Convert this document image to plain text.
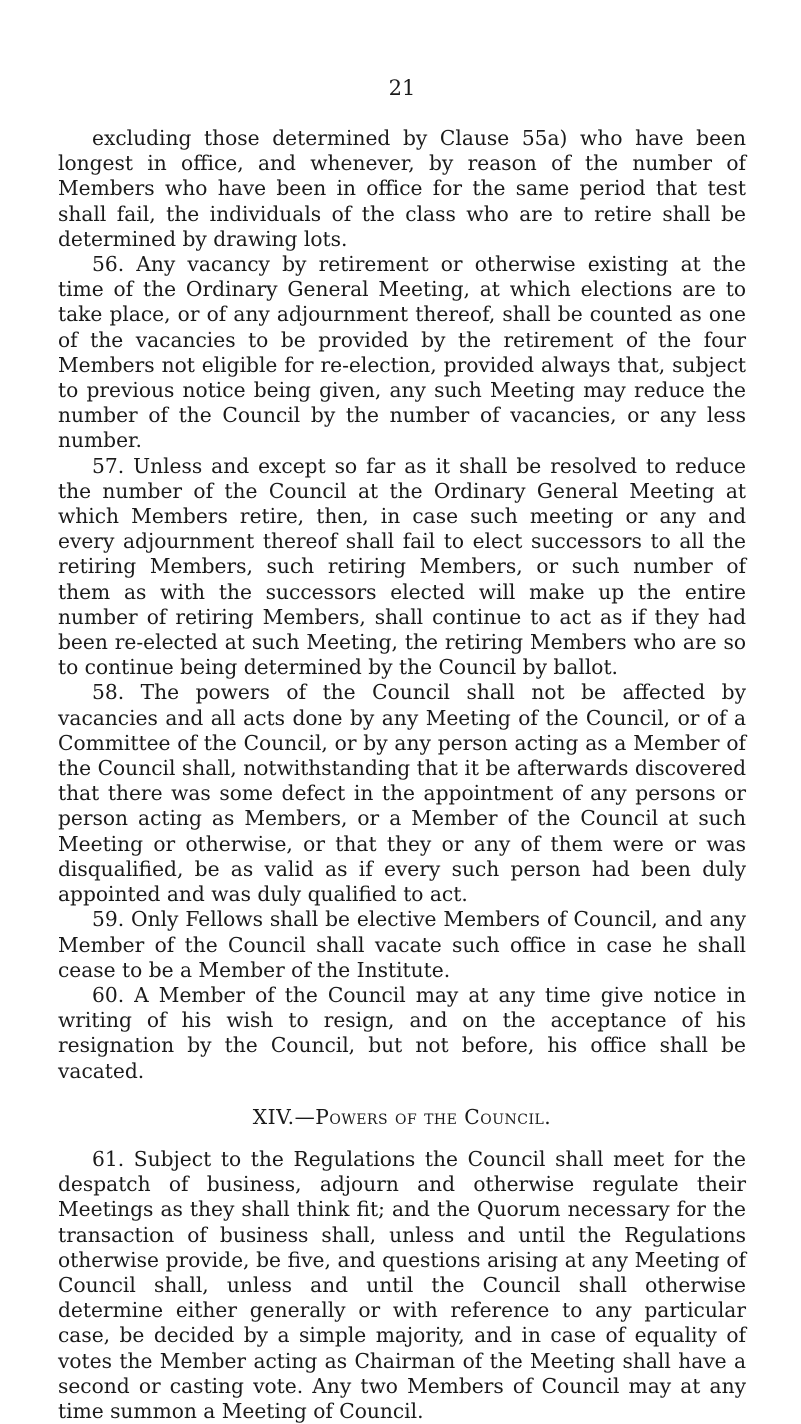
21

excluding those determined by Clause 55a) who have been longest in office, and whenever, by reason of the number of Members who have been in office for the same period that test shall fail, the individuals of the class who are to retire shall be determined by drawing lots.

56. Any vacancy by retirement or otherwise existing at the time of the Ordinary General Meeting, at which elections are to take place, or of any adjournment thereof, shall be counted as one of the vacancies to be provided by the retirement of the four Members not eligible for re-election, provided always that, subject to previous notice being given, any such Meeting may reduce the number of the Council by the number of vacancies, or any less number.

57. Unless and except so far as it shall be resolved to reduce the number of the Council at the Ordinary General Meeting at which Members retire, then, in case such meeting or any and every adjournment thereof shall fail to elect successors to all the retiring Members, such retiring Members, or such number of them as with the successors elected will make up the entire number of retiring Members, shall continue to act as if they had been re-elected at such Meeting, the retiring Members who are so to continue being determined by the Council by ballot.

58. The powers of the Council shall not be affected by vacancies and all acts done by any Meeting of the Council, or of a Committee of the Council, or by any person acting as a Member of the Council shall, notwithstanding that it be afterwards discovered that there was some defect in the appointment of any persons or person acting as Members, or a Member of the Council at such Meeting or otherwise, or that they or any of them were or was disqualified, be as valid as if every such person had been duly appointed and was duly qualified to act.

59. Only Fellows shall be elective Members of Council, and any Member of the Council shall vacate such office in case he shall cease to be a Member of the Institute.

60. A Member of the Council may at any time give notice in writing of his wish to resign, and on the acceptance of his resignation by the Council, but not before, his office shall be vacated.

XIV.—Powers of the Council.

61. Subject to the Regulations the Council shall meet for the despatch of business, adjourn and otherwise regulate their Meetings as they shall think fit; and the Quorum necessary for the transaction of business shall, unless and until the Regulations otherwise provide, be five, and questions arising at any Meeting of Council shall, unless and until the Council shall otherwise determine either generally or with reference to any particular case, be decided by a simple majority, and in case of equality of votes the Member acting as Chairman of the Meeting shall have a second or casting vote. Any two Members of Council may at any time summon a Meeting of Council.
